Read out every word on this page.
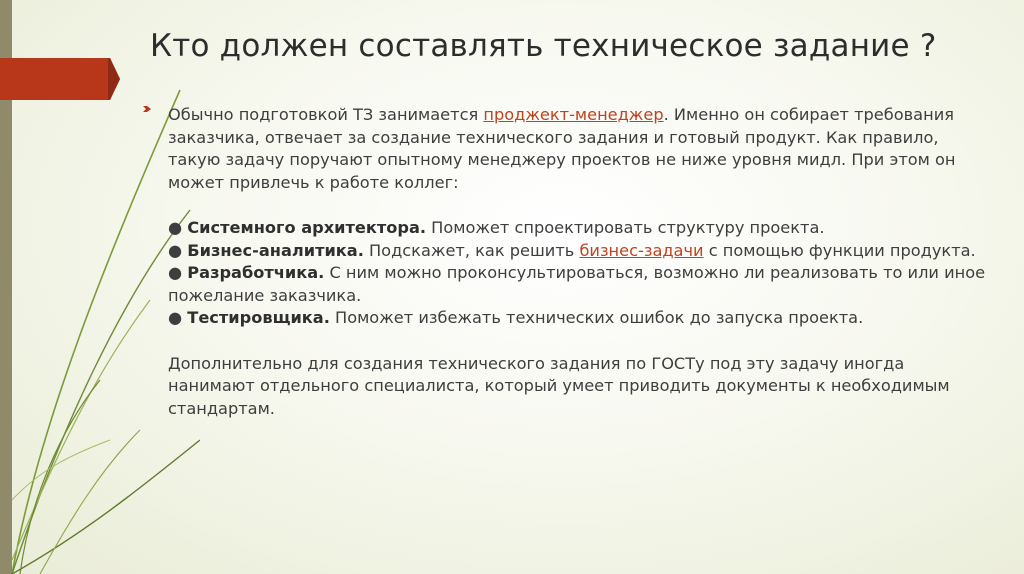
Кто должен составлять техническое задание ?

Обычно подготовкой ТЗ занимается проджект-менеджер. Именно он собирает требования заказчика, отвечает за создание технического задания и готовый продукт. Как правило, такую задачу поручают опытному менеджеру проектов не ниже уровня мидл. При этом он может привлечь к работе коллег:

● Системного архитектора. Поможет спроектировать структуру проекта.

● Бизнес-аналитика. Подскажет, как решить бизнес-задачи с помощью функции продукта.

● Разработчика. С ним можно проконсультироваться, возможно ли реализовать то или иное пожелание заказчика.

● Тестировщика. Поможет избежать технических ошибок до запуска проекта.

Дополнительно для создания технического задания по ГОСТу под эту задачу иногда нанимают отдельного специалиста, который умеет приводить документы к необходимым стандартам.
